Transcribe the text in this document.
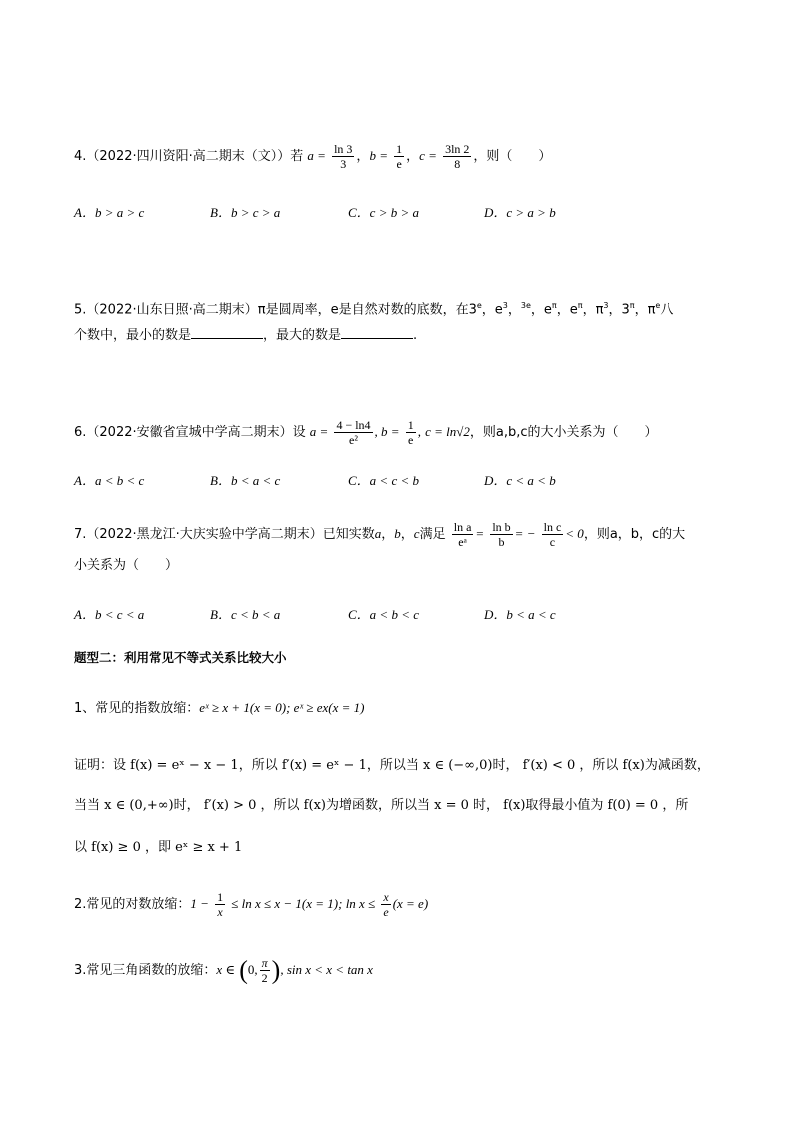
4.（2022·四川资阳·高二期末（文））若 $a = \frac{\ln 3}{3}$ ，$b = \frac{1}{e}$ ，$c = \frac{3\ln 2}{8}$ ，则（　　）
A．b > a > c	B．b > c > a	C．c > b > a	D．c > a > b
5.（2022·山东日照·高二期末）π是圆周率，e是自然对数的底数，在3e，$e^3$，$^{3e}$，$e^\pi$，$e^\pi$，$\pi^3$，$3^\pi$，$\pi^e$八
个数中，最小的数是	，最大的数是	.
6.（2022·安徽省宣城中学高二期末）设 $a = \frac{4 - \ln 4}{\text{e²}}$ , $b = \frac{1}{e}$ , c = ln√2，则a,b,c的大小关系为（　　）
A．a < b < c	B．b < a < c	C．a < c < b	D．c < a < b
7.（2022·黑龙江·大庆实验中学高二期末）已知实数a，b，c满足 $\frac{\text{ln a}}{\text{eᵃ}} = \frac{\text{ln b}}{b}$ = − $\frac{\text{ln c}}{c} < 0$，则a，b，c的大
小关系为（　　）
A．b < c < a	B．c < b < a	C．a < b < c	D．b < a < c
题型二：利用常见不等式关系比较大小
1、常见的指数放缩：eˣ ≥ x + 1(x = 0); eˣ ≥ ex(x = 1)
证明：设 f(x) = eˣ − x − 1，所以 f′(x) = eˣ − 1，所以当 x ∈ (−∞,0)时， f′(x) < 0 ，所以 f(x)为减函数，
当当 x ∈ (0,+∞)时， f′(x) > 0 ，所以 f(x)为增函数，所以当 x = 0 时， f(x)取得最小值为 f(0) = 0 ，所
以 f(x) ≥ 0 ，即 eˣ ≥ x + 1
2.常见的对数放缩：$1 - \frac{1}{x} \le \ln x \le x - 1(x = 1)$; $\ln x \le \frac{x}{e} (x = e)$
3.常见三角函数的放缩：x ∈ (0, $\frac{\pi}{2}$ ), sin x < x < tan x
